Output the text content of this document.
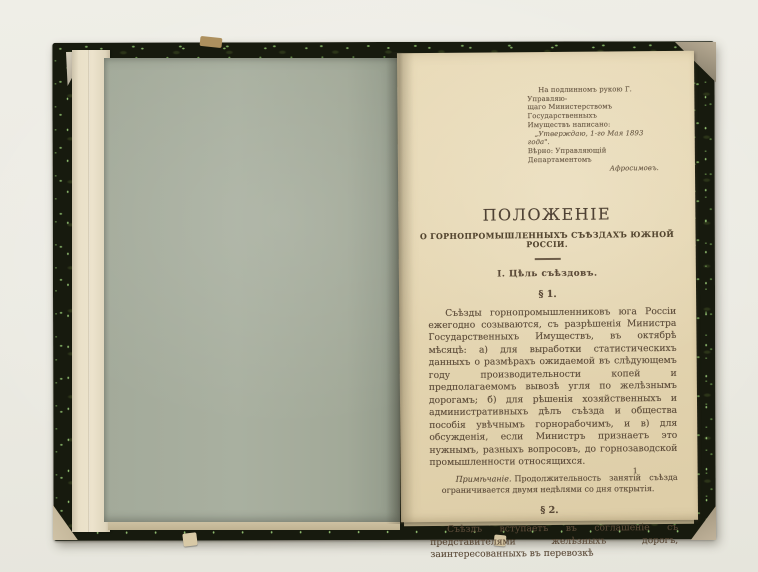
На подлинномъ рукою Г. Управляю-
щаго Министерствомъ Государственныхъ
Имуществъ написано:
„Утверждаю, 1-го Мая 1893 года".
Вѣрно: Управляющій Департаментомъ
Афросимовъ.
ПОЛОЖЕНІЕ
О ГОРНОПРОМЫШЛЕННЫХЪ СЪѢЗДАХЪ ЮЖНОЙ РОССІИ.
I. Цѣль съѣздовъ.
§ 1.
Съѣзды горнопромышленниковъ юга Россіи ежегодно созываются, съ разрѣшенія Министра Государственныхъ Имуществъ, въ октябрѣ мѣсяцѣ: а) для выработки статистическихъ данныхъ о размѣрахъ ожидаемой въ слѣдующемъ году производительности копей и предполагаемомъ вывозѣ угля по желѣзнымъ дорогамъ; б) для рѣшенія хозяйственныхъ и административныхъ дѣлъ съѣзда и общества пособія увѣчнымъ горнорабочимъ, и в) для обсужденія, если Министръ признаетъ это нужнымъ, разныхъ вопросовъ, до горнозаводской промышленности относящихся.
Примѣчаніе. Продолжительность занятій съѣзда ограничивается двумя недѣлями со дня открытія.
§ 2.
Съѣздъ вступаетъ въ соглашеніе съ представителями желѣзныхъ дорогъ, заинтересованныхъ въ перевозкѣ
1
